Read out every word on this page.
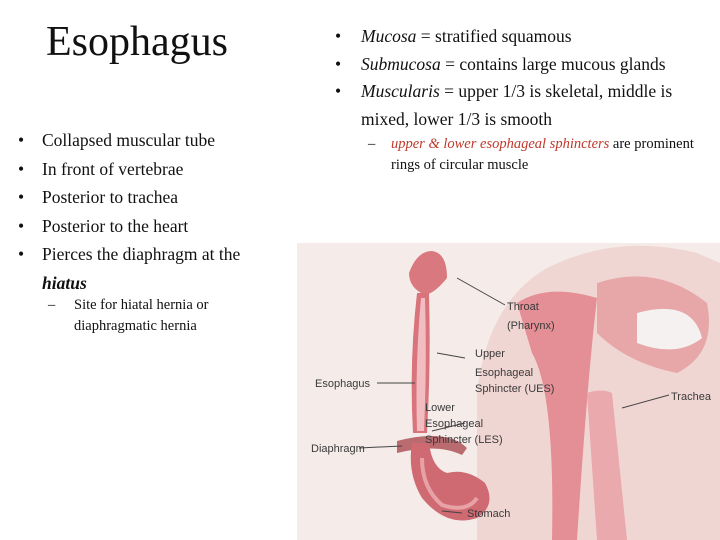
Esophagus
• Collapsed muscular tube
• In front of vertebrae
• Posterior to trachea
• Posterior to the heart
• Pierces the diaphragm at the hiatus
–	Site for hiatal hernia or diaphragmatic hernia
• Mucosa = stratified squamous
• Submucosa = contains large mucous glands
• Muscularis = upper 1/3 is skeletal, middle is mixed, lower 1/3 is smooth
–	upper & lower esophageal sphincters are prominent rings of circular muscle
Throat
(Pharynx)
Upper
Esophageal
Sphincter (UES)
Esophagus
Lower
Esophageal
Sphincter (LES)
Trachea
Diaphragm
Stomach
